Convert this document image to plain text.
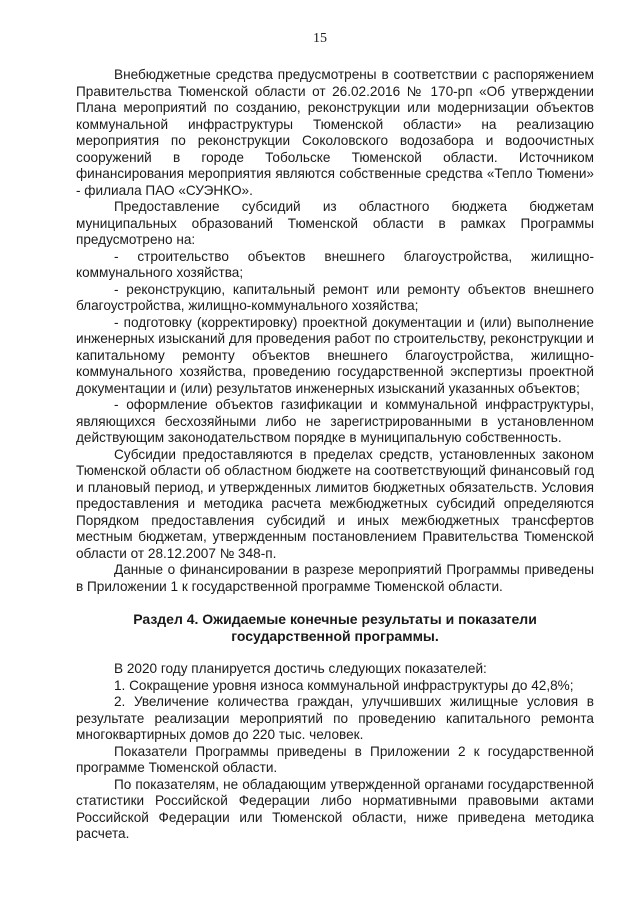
15

Внебюджетные средства предусмотрены в соответствии с распоряжением Правительства Тюменской области от 26.02.2016 № 170-рп «Об утверждении Плана мероприятий по созданию, реконструкции или модернизации объектов коммунальной инфраструктуры Тюменской области» на реализацию мероприятия по реконструкции Соколовского водозабора и водоочистных сооружений в городе Тобольске Тюменской области. Источником финансирования мероприятия являются собственные средства «Тепло Тюмени» - филиала ПАО «СУЭНКО».

Предоставление субсидий из областного бюджета бюджетам муниципальных образований Тюменской области в рамках Программы предусмотрено на:

- строительство объектов внешнего благоустройства, жилищно-коммунального хозяйства;

- реконструкцию, капитальный ремонт или ремонту объектов внешнего благоустройства, жилищно-коммунального хозяйства;

- подготовку (корректировку) проектной документации и (или) выполнение инженерных изысканий для проведения работ по строительству, реконструкции и капитальному ремонту объектов внешнего благоустройства, жилищно-коммунального хозяйства, проведению государственной экспертизы проектной документации и (или) результатов инженерных изысканий указанных объектов;

- оформление объектов газификации и коммунальной инфраструктуры, являющихся бесхозяйными либо не зарегистрированными в установленном действующим законодательством порядке в муниципальную собственность.

Субсидии предоставляются в пределах средств, установленных законом Тюменской области об областном бюджете на соответствующий финансовый год и плановый период, и утвержденных лимитов бюджетных обязательств. Условия предоставления и методика расчета межбюджетных субсидий определяются Порядком предоставления субсидий и иных межбюджетных трансфертов местным бюджетам, утвержденным постановлением Правительства Тюменской области от 28.12.2007 № 348-п.

Данные о финансировании в разрезе мероприятий Программы приведены в Приложении 1 к государственной программе Тюменской области.

Раздел 4. Ожидаемые конечные результаты и показатели государственной программы.

В 2020 году планируется достичь следующих показателей:

1. Сокращение уровня износа коммунальной инфраструктуры до 42,8%;

2. Увеличение количества граждан, улучшивших жилищные условия в результате реализации мероприятий по проведению капитального ремонта многоквартирных домов до 220 тыс. человек.

Показатели Программы приведены в Приложении 2 к государственной программе Тюменской области.

По показателям, не обладающим утвержденной органами государственной статистики Российской Федерации либо нормативными правовыми актами Российской Федерации или Тюменской области, ниже приведена методика расчета.
